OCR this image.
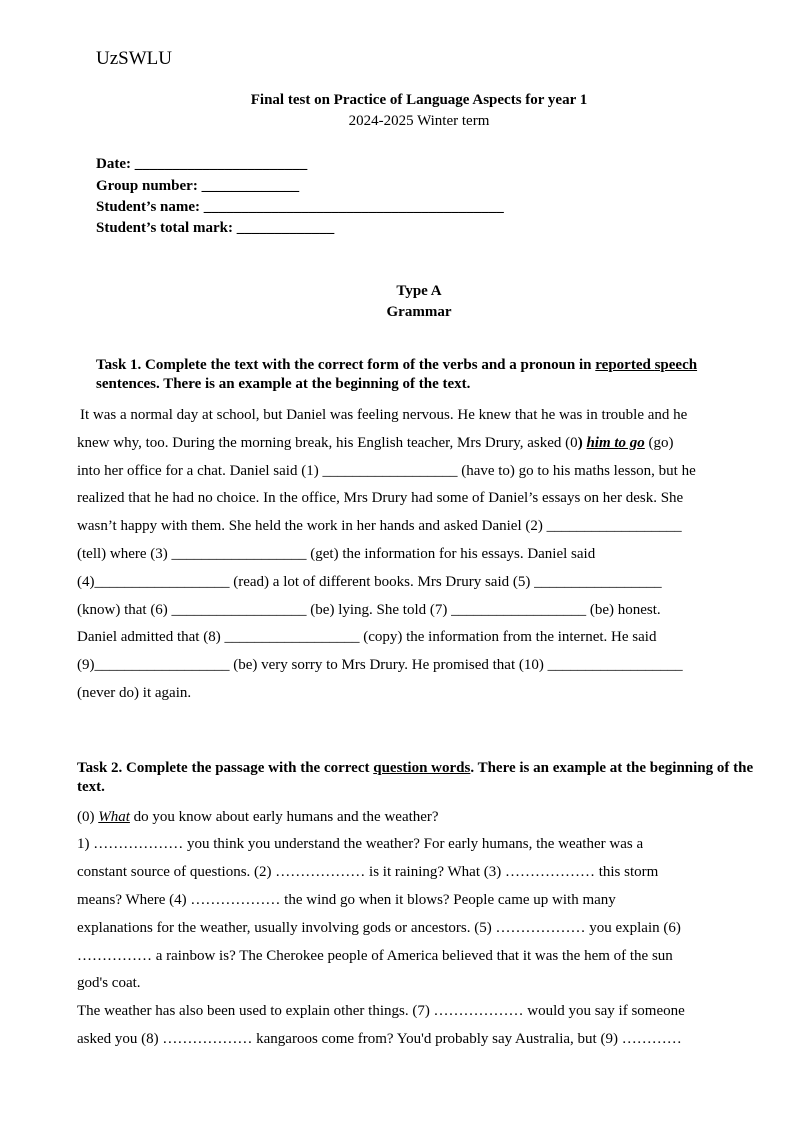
UzSWLU
Final test on Practice of Language Aspects for year 1
2024-2025 Winter term
Date: _______________________
Group number: _____________
Student’s name: ________________________________________
Student’s total mark: _____________
Type A
Grammar
Task 1. Complete the text with the correct form of the verbs and a pronoun in reported speech sentences. There is an example at the beginning of the text.
It was a normal day at school, but Daniel was feeling nervous. He knew that he was in trouble and he
knew why, too. During the morning break, his English teacher, Mrs Drury, asked (0) him to go (go)
into her office for a chat. Daniel said (1) __________________ (have to) go to his maths lesson, but he
realized that he had no choice. In the office, Mrs Drury had some of Daniel’s essays on her desk. She
wasn’t happy with them. She held the work in her hands and asked Daniel (2) __________________
(tell) where (3) __________________ (get) the information for his essays. Daniel said
(4)__________________ (read) a lot of different books. Mrs Drury said (5) _________________
(know) that (6) __________________ (be) lying. She told (7) __________________ (be) honest.
Daniel admitted that (8) __________________ (copy) the information from the internet. He said
(9)__________________ (be) very sorry to Mrs Drury. He promised that (10) __________________
(never do) it again.
Task 2. Complete the passage with the correct question words. There is an example at the beginning of the text.
(0) What do you know about early humans and the weather?
1) ……………… you think you understand the weather? For early humans, the weather was a
constant source of questions. (2) ……………… is it raining? What (3) ……………… this storm
means? Where (4) ……………… the wind go when it blows? People came up with many
explanations for the weather, usually involving gods or ancestors. (5) ……………… you explain (6)
…………… a rainbow is? The Cherokee people of America believed that it was the hem of the sun
god's coat.
The weather has also been used to explain other things. (7) ……………… would you say if someone
asked you (8) ……………… kangaroos come from? You'd probably say Australia, but (9) …………
